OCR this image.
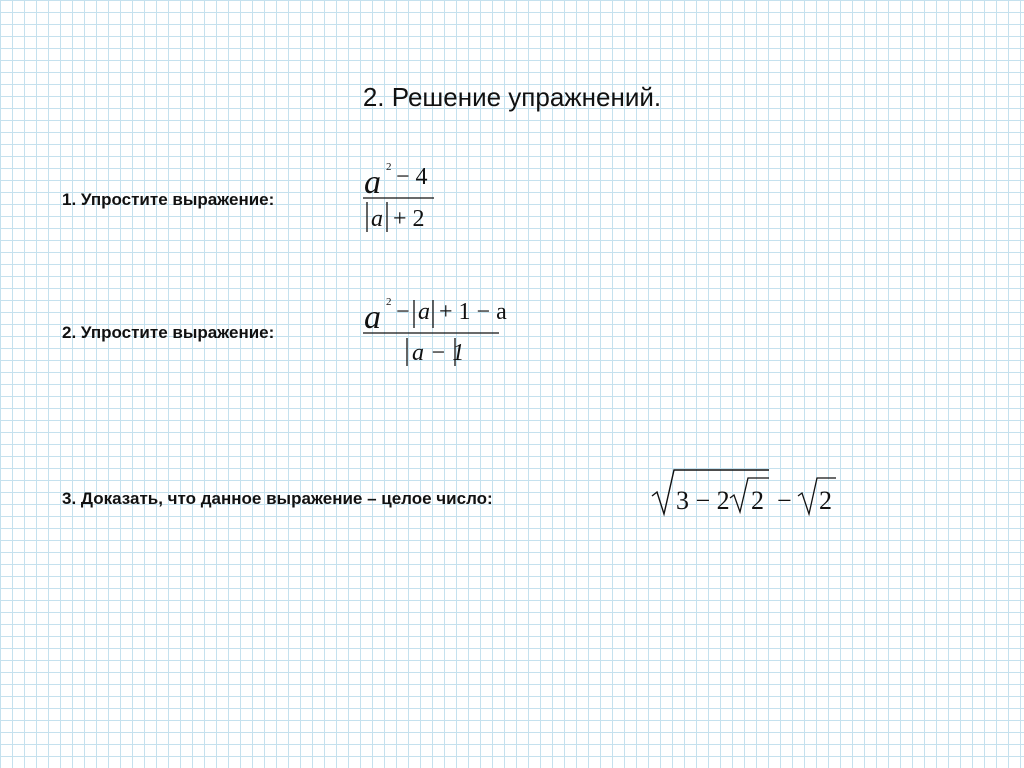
2. Решение упражнений.
1. Упростите выражение:	a 2 − 4
a + 2
2. Упростите выражение:	a 2 − a + 1 − a
a − 1
3. Доказать, что данное выражение – целое число:	3 − 2 2 − 2
